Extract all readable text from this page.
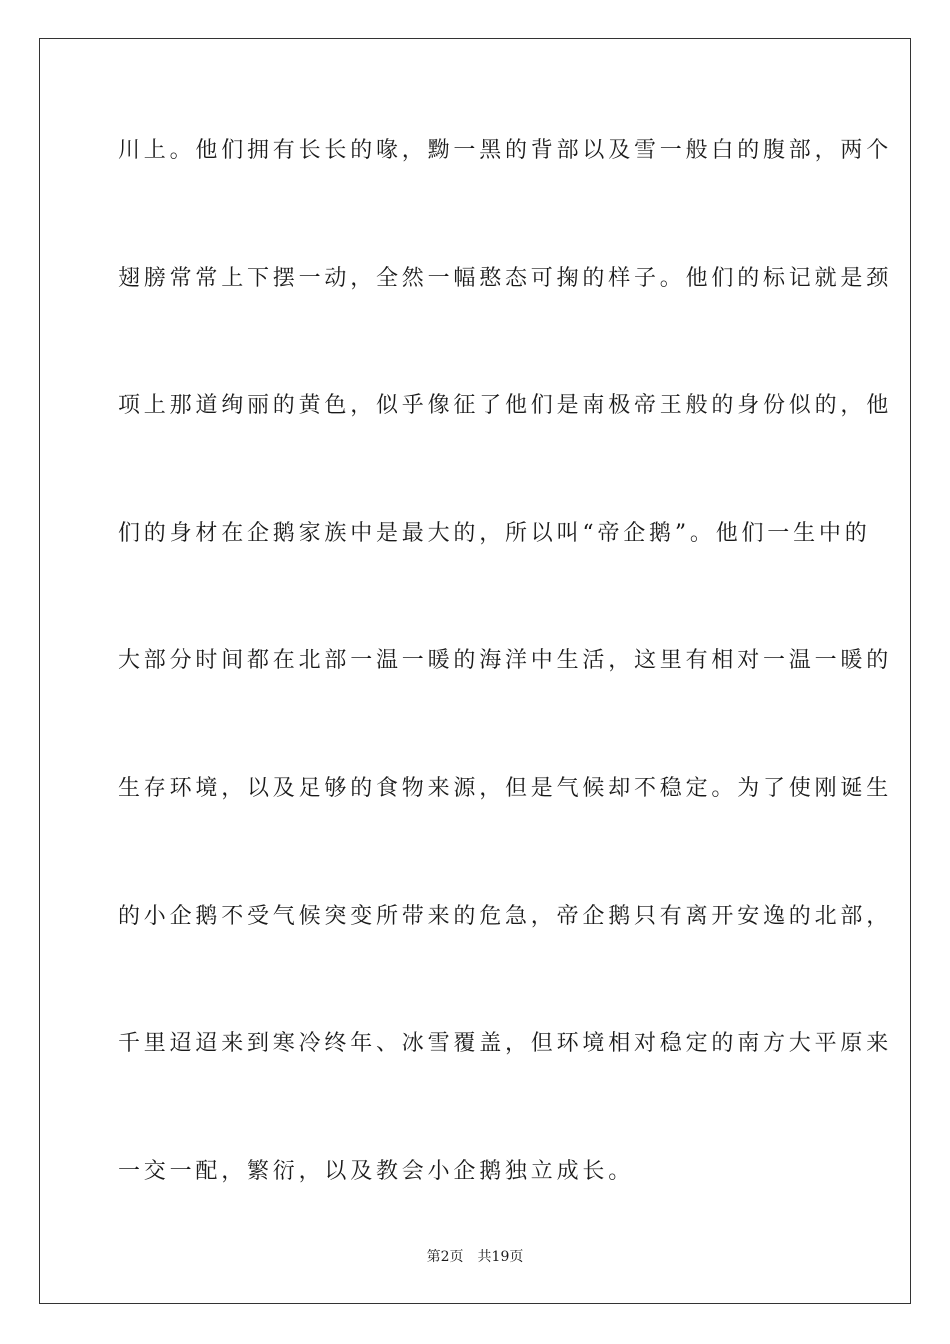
川上。他们拥有长长的喙，黝一黑的背部以及雪一般白的腹部，两个
翅膀常常上下摆一动，全然一幅憨态可掬的样子。他们的标记就是颈
项上那道绚丽的黄色，似乎像征了他们是南极帝王般的身份似的，他
们的身材在企鹅家族中是最大的，所以叫“帝企鹅”。他们一生中的
大部分时间都在北部一温一暖的海洋中生活，这里有相对一温一暖的
生存环境，以及足够的食物来源，但是气候却不稳定。为了使刚诞生
的小企鹅不受气候突变所带来的危急，帝企鹅只有离开安逸的北部，
千里迢迢来到寒冷终年、冰雪覆盖，但环境相对稳定的南方大平原来
一交一配，繁衍，以及教会小企鹅独立成长。
第2页 共19页
